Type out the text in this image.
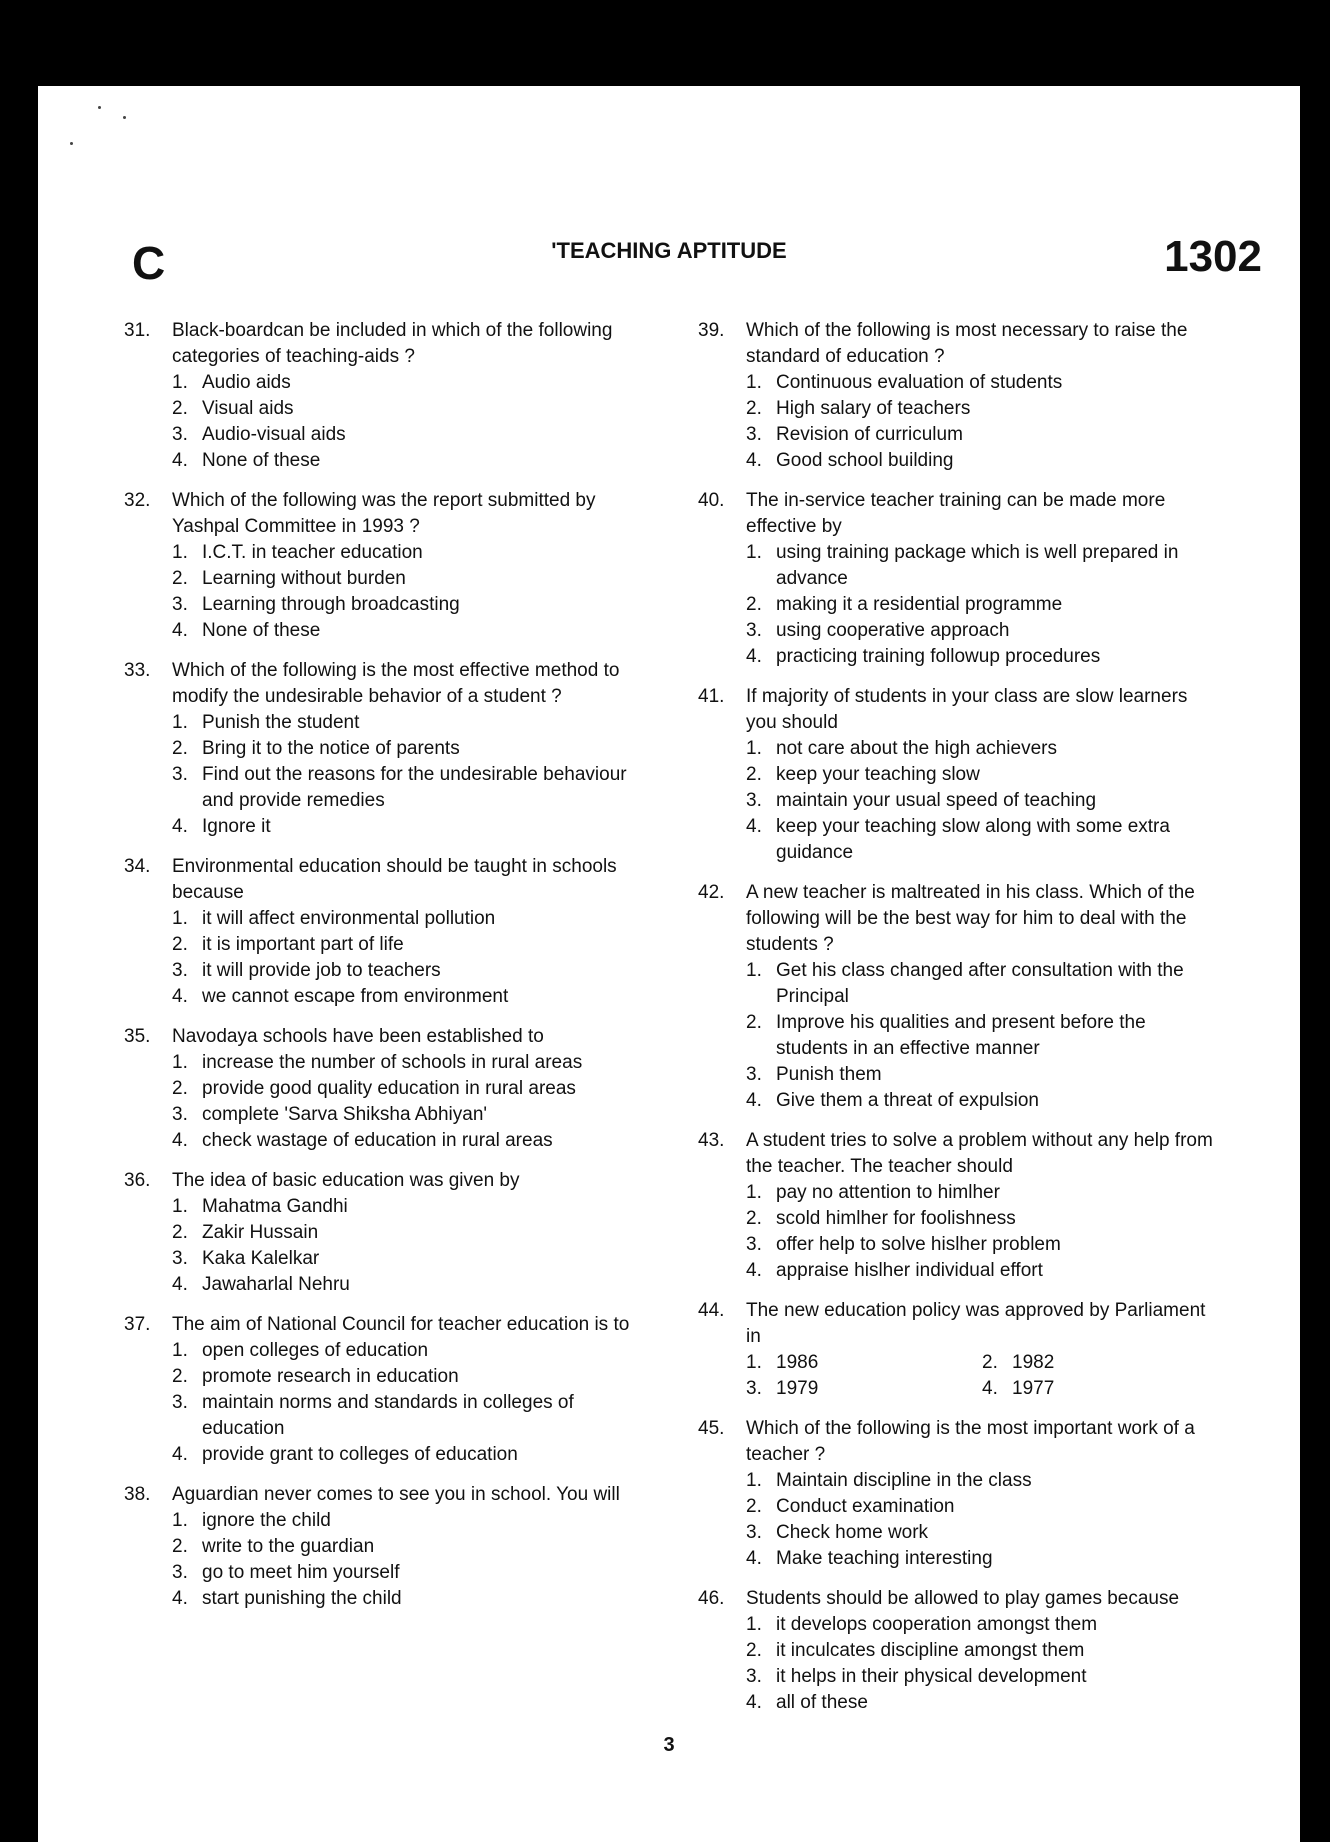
C	'TEACHING APTITUDE	1302
31.	Black-boardcan be included in which of the following categories of teaching-aids ?

1. Audio aids
2. Visual aids
3. Audio-visual aids
4. None of these
32.	Which of the following was the report submitted by Yashpal Committee in 1993 ?

1. I.C.T. in teacher education
2. Learning without burden
3. Learning through broadcasting
4. None of these
33.	Which of the following is the most effective method to modify the undesirable behavior of a student ?

1. Punish the student
2. Bring it to the notice of parents
3. Find out the reasons for the undesirable behaviour and provide remedies
4. Ignore it
34.	Environmental education should be taught in schools because

1. it will affect environmental pollution
2. it is important part of life
3. it will provide job to teachers
4. we cannot escape from environment
35.	Navodaya schools have been established to

1. increase the number of schools in rural areas
2. provide good quality education in rural areas
3. complete 'Sarva Shiksha Abhiyan'
4. check wastage of education in rural areas
36.	The idea of basic education was given by

1. Mahatma Gandhi
2. Zakir Hussain
3. Kaka Kalelkar
4. Jawaharlal Nehru
37.	The aim of National Council for teacher education is to

1. open colleges of education
2. promote research in education
3. maintain norms and standards in colleges of education
4. provide grant to colleges of education
38.	Aguardian never comes to see you in school. You will

1. ignore the child
2. write to the guardian
3. go to meet him yourself
4. start punishing the child
39.	Which of the following is most necessary to raise the standard of education ?

1. Continuous evaluation of students
2. High salary of teachers
3. Revision of curriculum
4. Good school building
40.	The in-service teacher training can be made more effective by

1. using training package which is well prepared in advance
2. making it a residential programme
3. using cooperative approach
4. practicing training followup procedures
41.	If majority of students in your class are slow learners you should

1. not care about the high achievers
2. keep your teaching slow
3. maintain your usual speed of teaching
4. keep your teaching slow along with some extra guidance
42.	A new teacher is maltreated in his class. Which of the following will be the best way for him to deal with the students ?

1. Get his class changed after consultation with the Principal
2. Improve his qualities and present before the students in an effective manner
3. Punish them
4. Give them a threat of expulsion
43.	A student tries to solve a problem without any help from the teacher. The teacher should

1. pay no attention to himlher
2. scold himlher for foolishness
3. offer help to solve hislher problem
4. appraise hislher individual effort
44.	The new education policy was approved by Parliament in

1. 1986	2. 1982
3. 1979	4. 1977
45.	Which of the following is the most important work of a teacher ?

1. Maintain discipline in the class
2. Conduct examination
3. Check home work
4. Make teaching interesting
46.	Students should be allowed to play games because

1. it develops cooperation amongst them
2. it inculcates discipline amongst them
3. it helps in their physical development
4. all of these
3
